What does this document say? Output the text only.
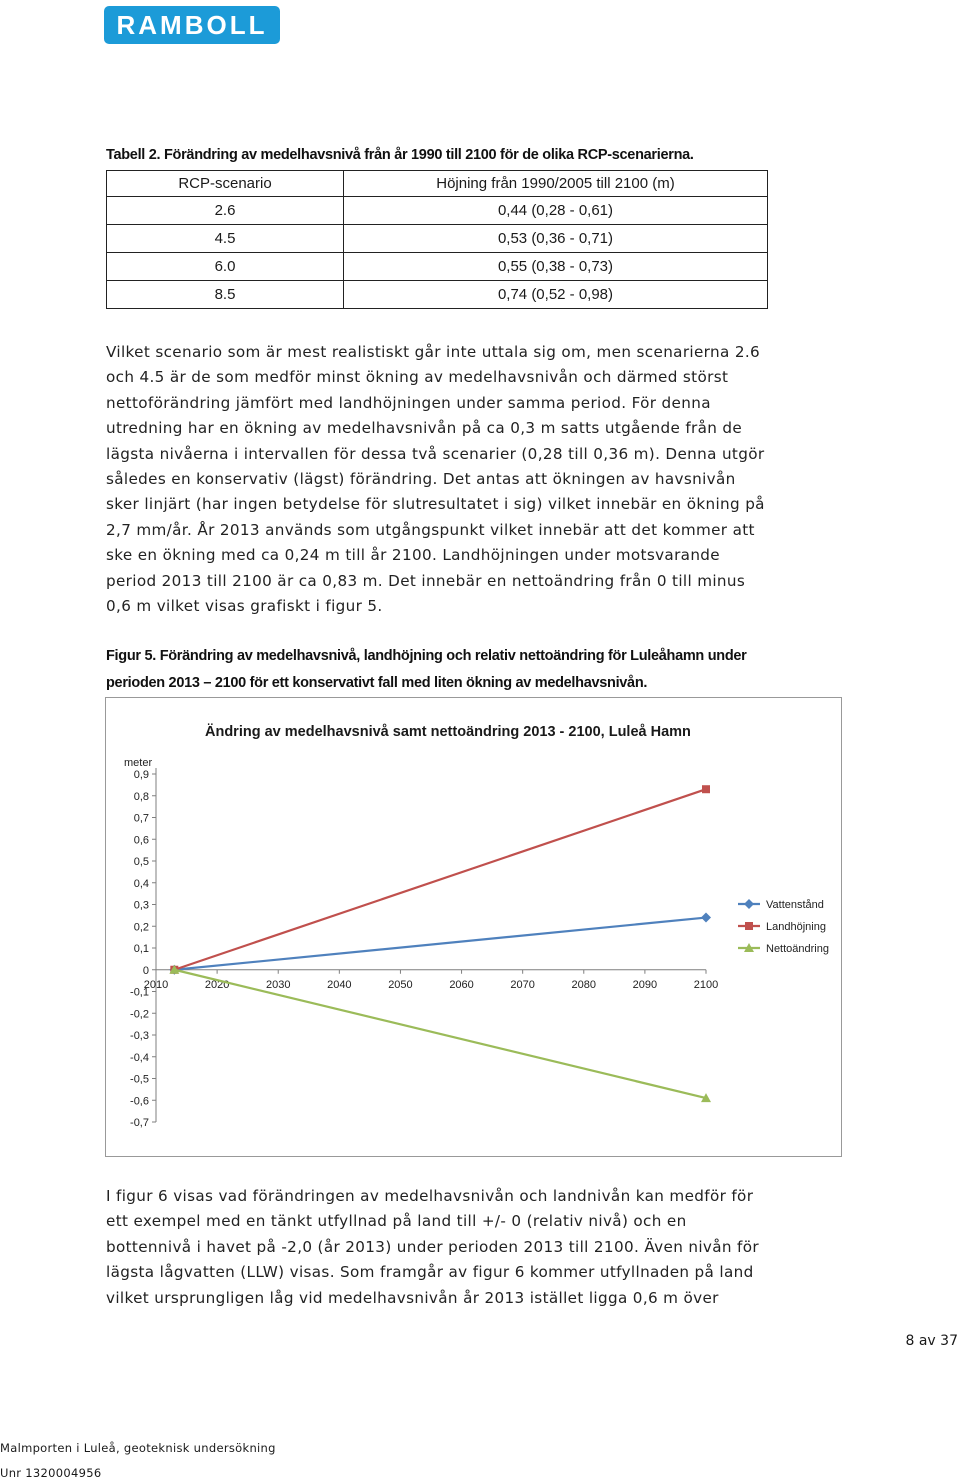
RAMBOLL
Tabell 2. Förändring av medelhavsnivå från år 1990 till 2100 för de olika RCP-scenarierna.
RCP-scenario	Höjning från 1990/2005 till 2100 (m)
2.6	0,44 (0,28 - 0,61)
4.5	0,53 (0,36 - 0,71)
6.0	0,55 (0,38 - 0,73)
8.5	0,74 (0,52 - 0,98)

Vilket scenario som är mest realistiskt går inte uttala sig om, men scenarierna 2.6

och 4.5 är de som medför minst ökning av medelhavsnivån och därmed störst

nettoförändring jämfört med landhöjningen under samma period. För denna

utredning har en ökning av medelhavsnivån på ca 0,3 m satts utgående från de

lägsta nivåerna i intervallen för dessa två scenarier (0,28 till 0,36 m). Denna utgör

således en konservativ (lägst) förändring. Det antas att ökningen av havsnivån

sker linjärt (har ingen betydelse för slutresultatet i sig) vilket innebär en ökning på

2,7 mm/år. År 2013 används som utgångspunkt vilket innebär att det kommer att

ske en ökning med ca 0,24 m till år 2100. Landhöjningen under motsvarande

period 2013 till 2100 är ca 0,83 m. Det innebär en nettoändring från 0 till minus

0,6 m vilket visas grafiskt i figur 5.

Figur 5. Förändring av medelhavsnivå, landhöjning och relativ nettoändring för Luleåhamn under
perioden 2013 – 2100 för ett konservativt fall med liten ökning av medelhavsnivån.
Ändring av medelhavsnivå samt nettoändring 2013 - 2100, Luleå Hamn
meter
0,9
0,8
0,7
0,6
0,5
0,4
0,3
0,2
0,1
0
-0,1
-0,2
-0,3
-0,4
-0,5
-0,6
-0,7
2010	2020	2030	2040	2050	2060	2070	2080	2090	2100
Vattenstånd
Landhöjning
Nettoändring

I figur 6 visas vad förändringen av medelhavsnivån och landnivån kan medför för

ett exempel med en tänkt utfyllnad på land till +/- 0 (relativ nivå) och en

bottennivå i havet på -2,0 (år 2013) under perioden 2013 till 2100. Även nivån för

lägsta lågvatten (LLW) visas. Som framgår av figur 6 kommer utfyllnaden på land

vilket ursprungligen låg vid medelhavsnivån år 2013 istället ligga 0,6 m över

8 av 37
Malmporten i Luleå, geoteknisk undersökning
Unr 1320004956
